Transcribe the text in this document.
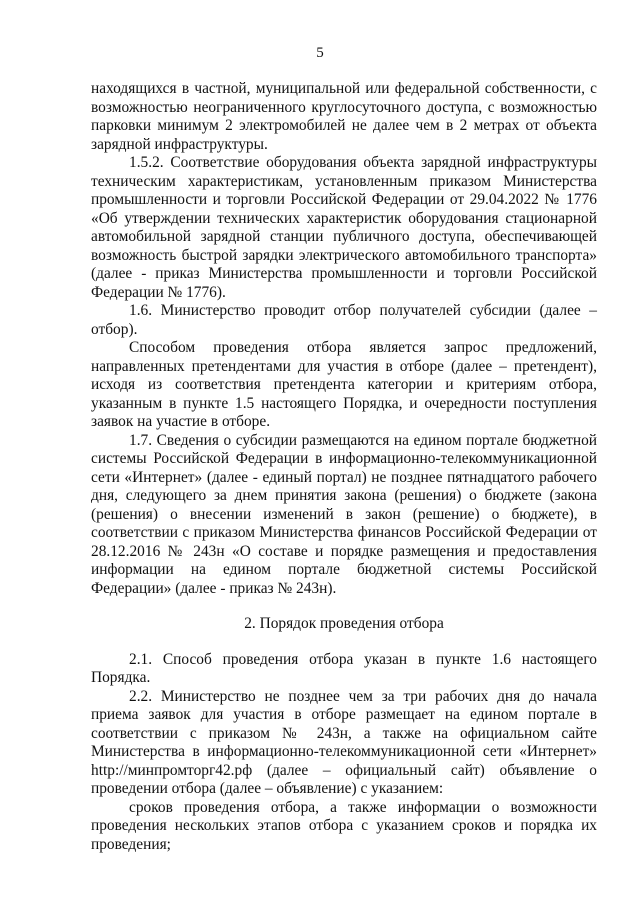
5

находящихся в частной, муниципальной или федеральной собственности, с возможностью неограниченного круглосуточного доступа, с возможностью парковки минимум 2 электромобилей не далее чем в 2 метрах от объекта зарядной инфраструктуры.

1.5.2. Соответствие оборудования объекта зарядной инфраструктуры техническим характеристикам, установленным приказом Министерства промышленности и торговли Российской Федерации от 29.04.2022 № 1776 «Об утверждении технических характеристик оборудования стационарной автомобильной зарядной станции публичного доступа, обеспечивающей возможность быстрой зарядки электрического автомобильного транспорта» (далее - приказ Министерства промышленности и торговли Российской Федерации № 1776).

1.6. Министерство проводит отбор получателей субсидии (далее – отбор).

Способом проведения отбора является запрос предложений, направленных претендентами для участия в отборе (далее – претендент), исходя из соответствия претендента категории и критериям отбора, указанным в пункте 1.5 настоящего Порядка, и очередности поступления заявок на участие в отборе.

1.7. Сведения о субсидии размещаются на едином портале бюджетной системы Российской Федерации в информационно-телекоммуникационной сети «Интернет» (далее - единый портал) не позднее пятнадцатого рабочего дня, следующего за днем принятия закона (решения) о бюджете (закона (решения) о внесении изменений в закон (решение) о бюджете), в соответствии с приказом Министерства финансов Российской Федерации от 28.12.2016 № 243н «О составе и порядке размещения и предоставления информации на едином портале бюджетной системы Российской Федерации» (далее - приказ № 243н).

2. Порядок проведения отбора

2.1. Способ проведения отбора указан в пункте 1.6 настоящего Порядка.

2.2. Министерство не позднее чем за три рабочих дня до начала приема заявок для участия в отборе размещает на едином портале в соответствии с приказом № 243н, а также на официальном сайте Министерства в информационно-телекоммуникационной сети «Интернет» http://минпромторг42.рф (далее – официальный сайт) объявление о проведении отбора (далее – объявление) с указанием:

сроков проведения отбора, а также информации о возможности проведения нескольких этапов отбора с указанием сроков и порядка их проведения;
